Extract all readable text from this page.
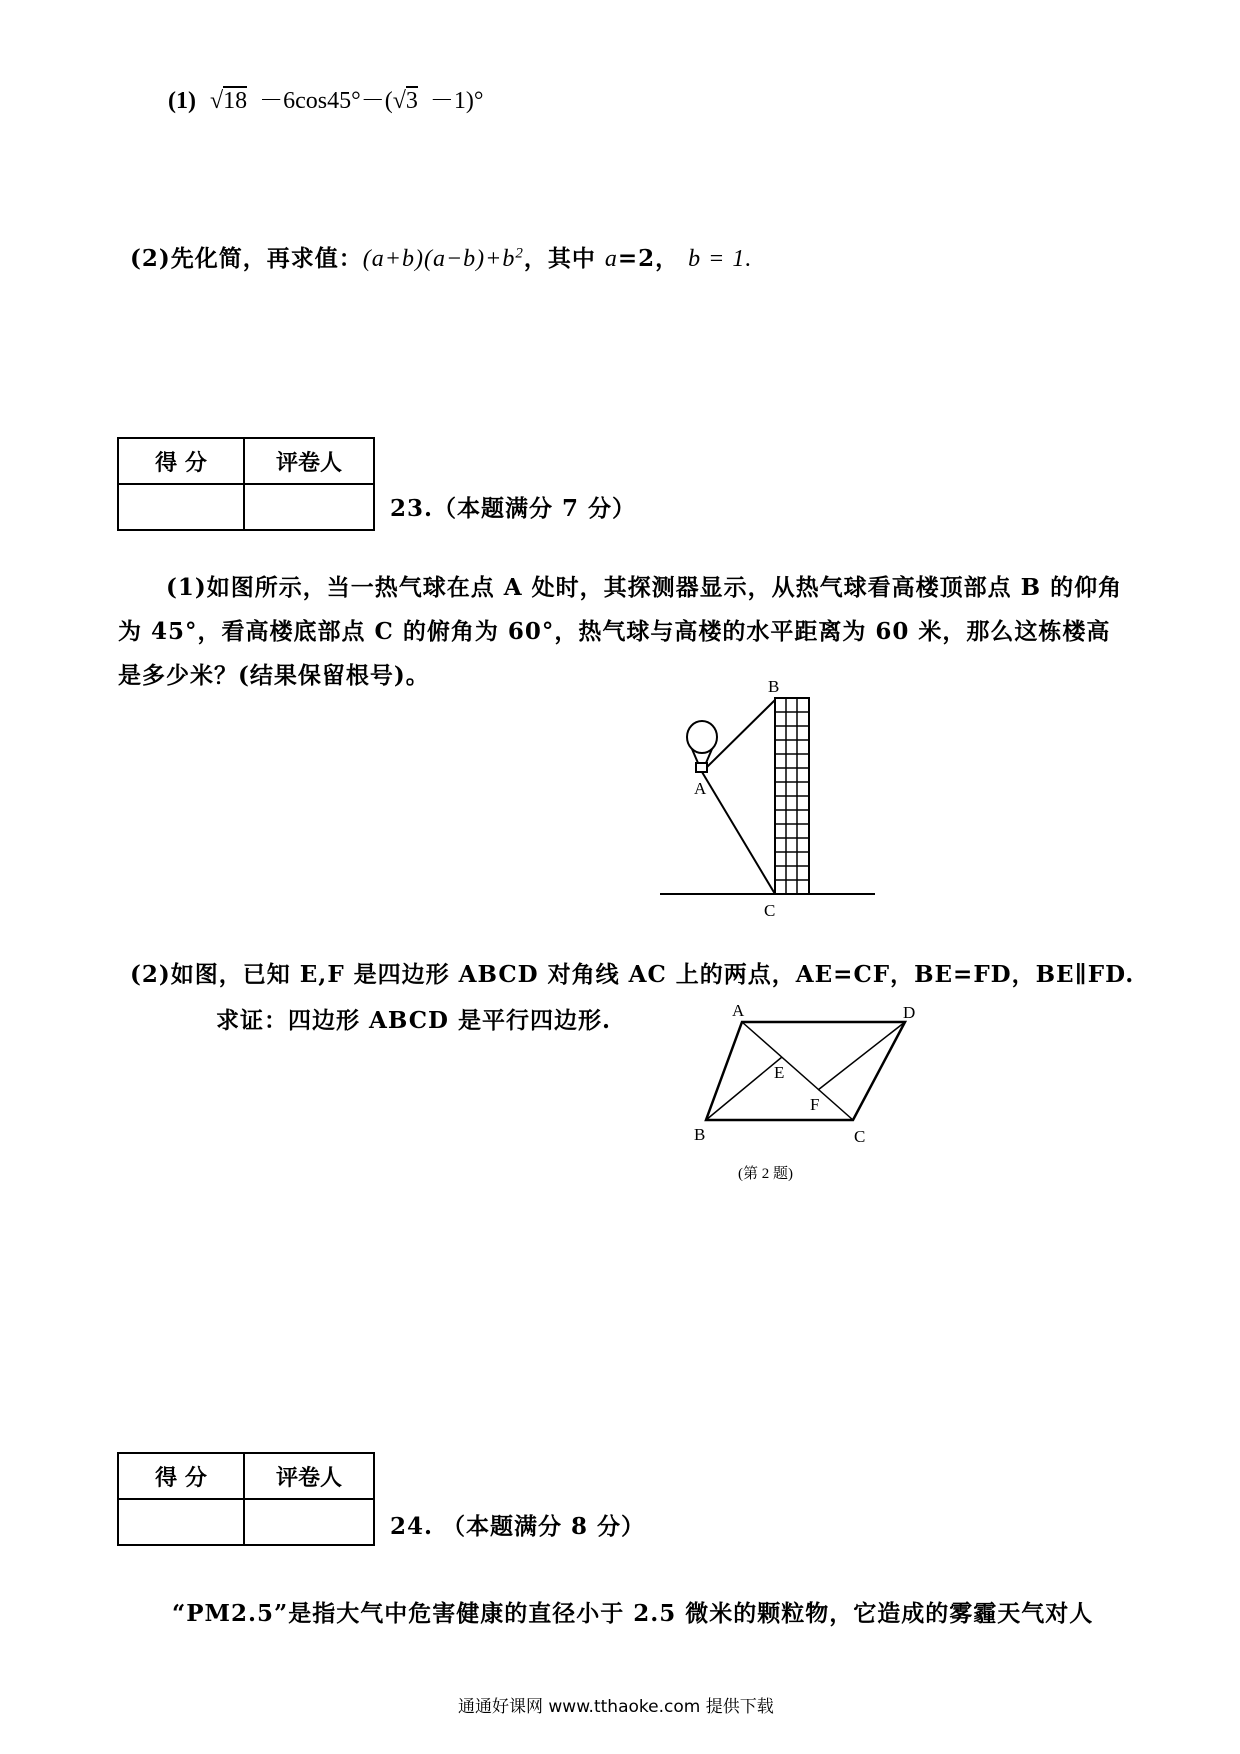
(1) √18 －6cos45°－(√3 －1)°
(2)先化简，再求值：$(a+b)(a-b)+b^2$，其中 a=2， b = 1.
得 分	评卷人

23.（本题满分 7 分）
(1)如图所示，当一热气球在点 A 处时，其探测器显示，从热气球看高楼顶部点 B 的仰角为 45°，看高楼底部点 C 的俯角为 60°，热气球与高楼的水平距离为 60 米，那么这栋楼高是多少米？(结果保留根号)。
A
B
C
(2)如图，已知 E,F 是四边形 ABCD 对角线 AC 上的两点，AE=CF，BE=FD，BE∥FD.
求证：四边形 ABCD 是平行四边形.	A	D
E
F
B	C
(第 2 题)
得 分	评卷人

24. （本题满分 8 分）
“PM2.5”是指大气中危害健康的直径小于 2.5 微米的颗粒物，它造成的雾霾天气对人
通通好课网 www.tthaoke.com 提供下载
